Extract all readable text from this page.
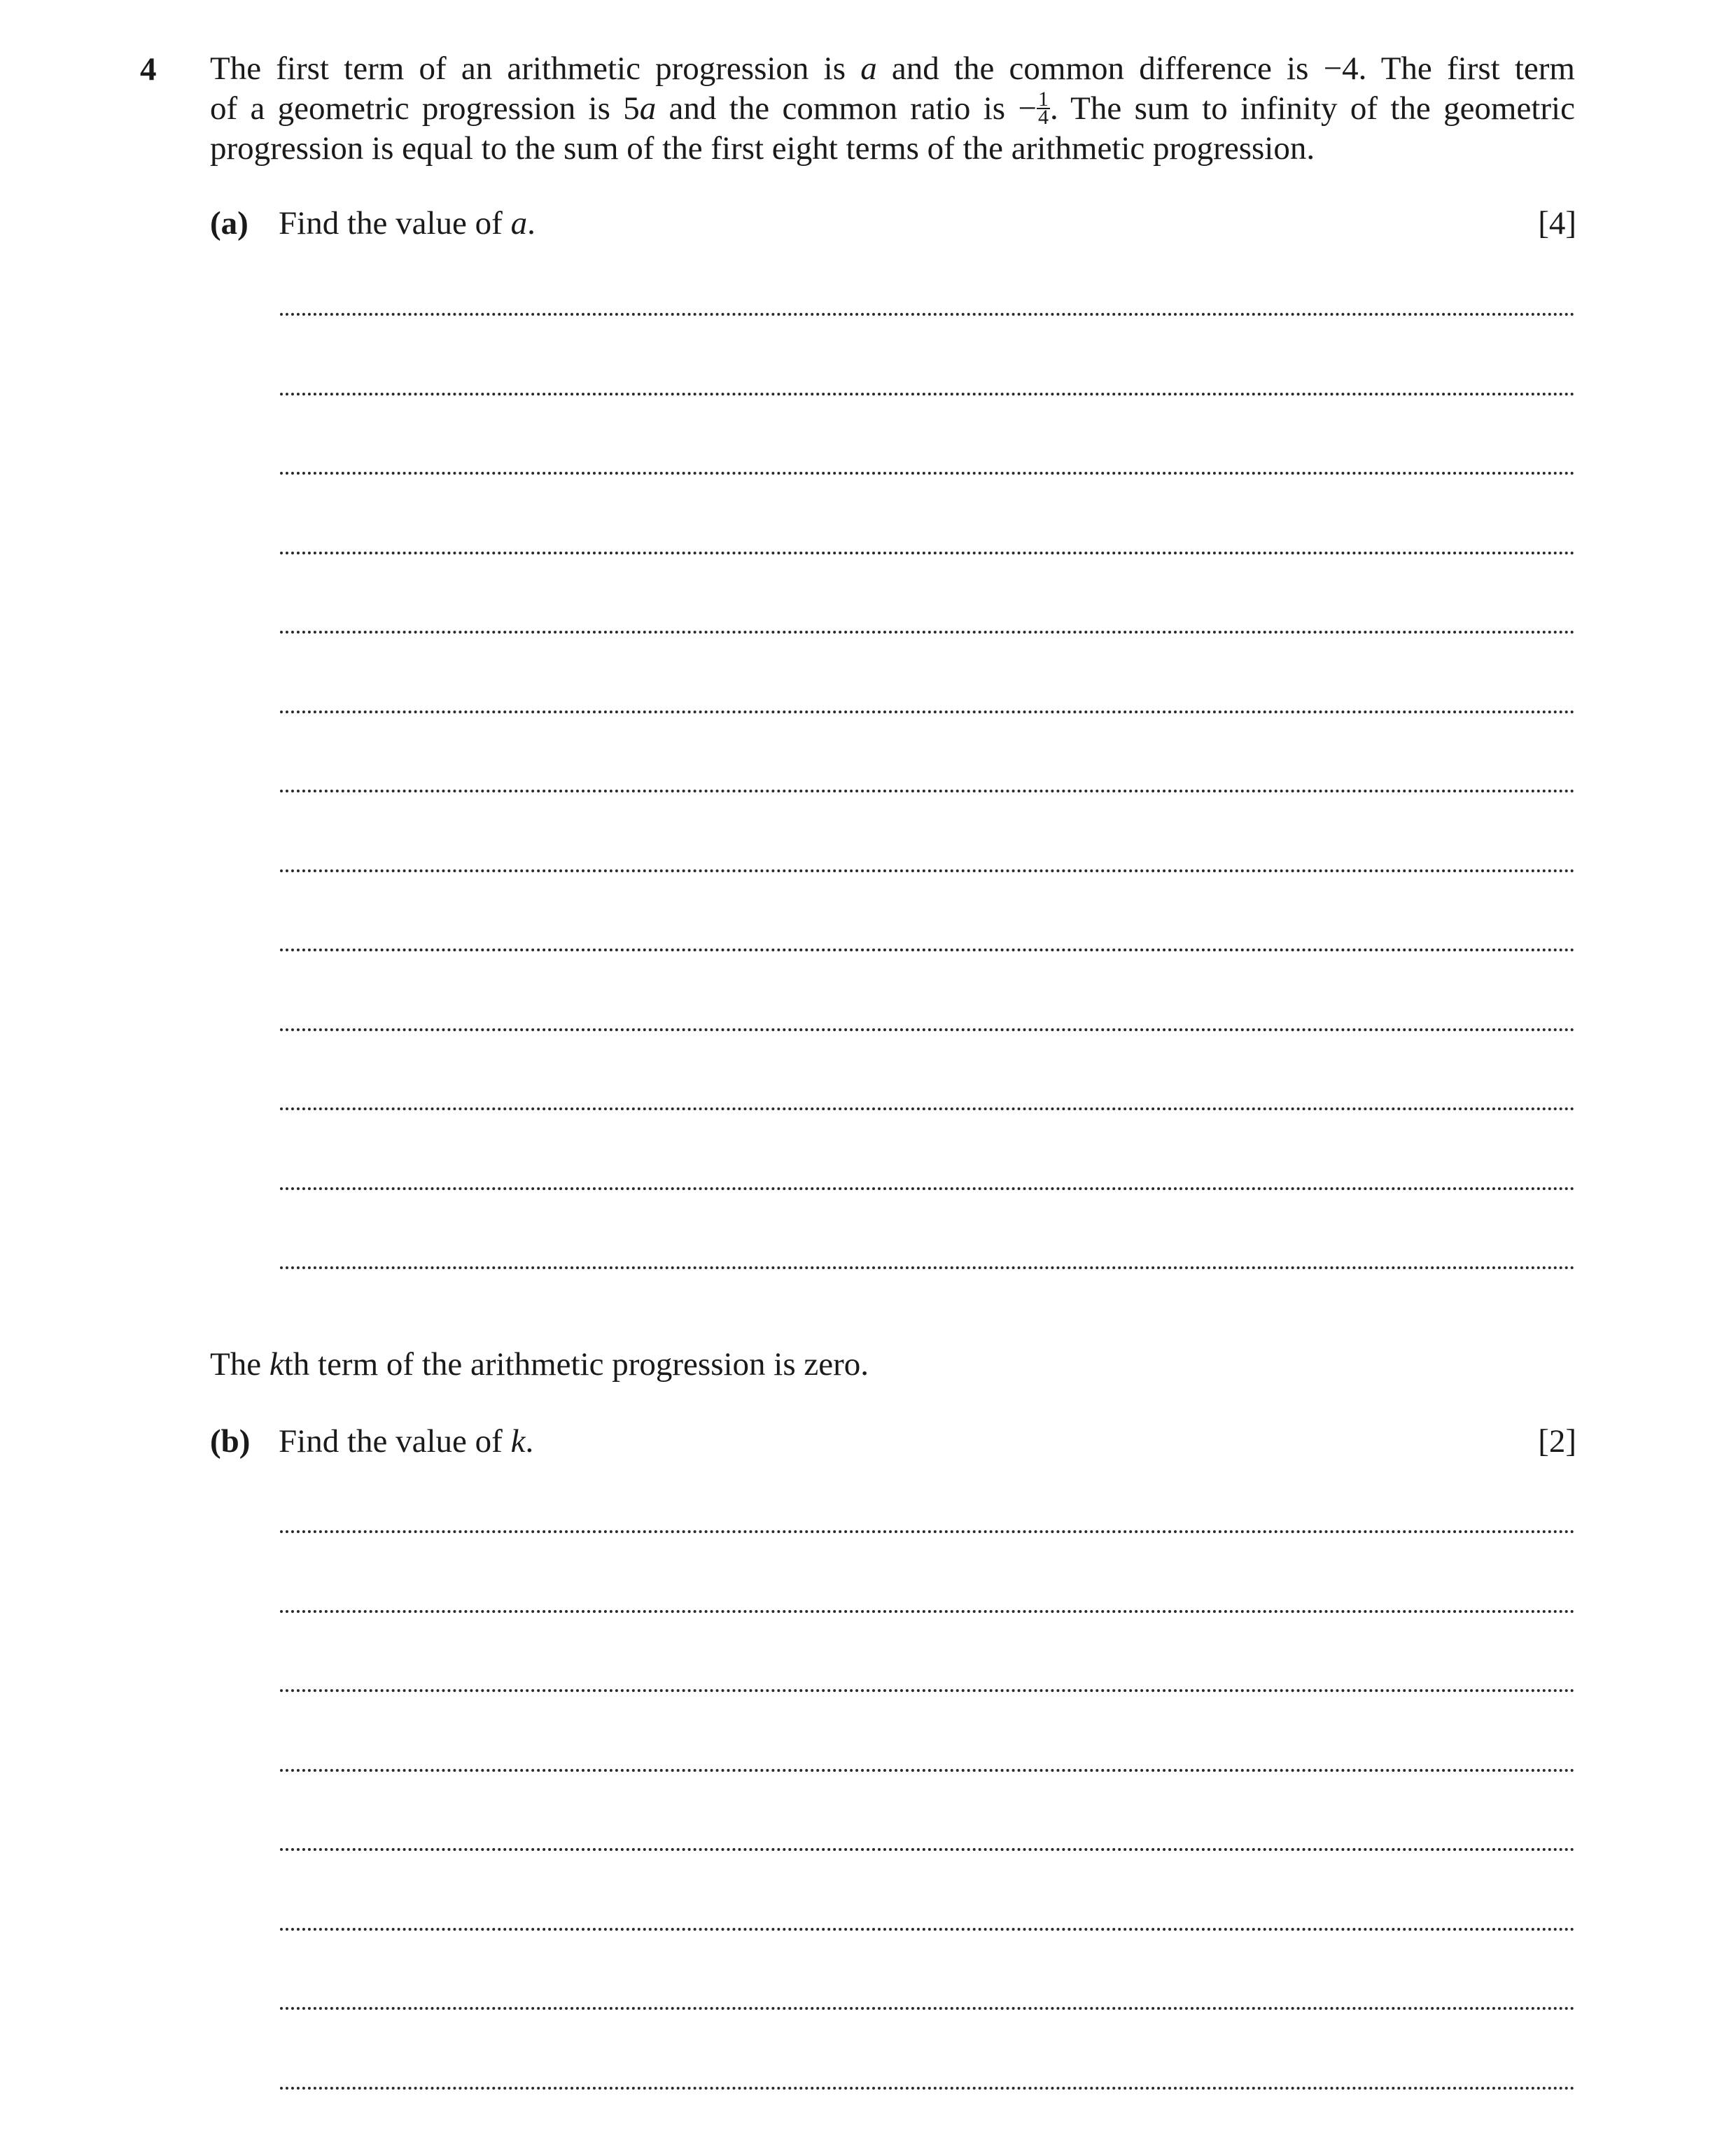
4 The first term of an arithmetic progression is a and the common difference is −4. The first term
of a geometric progression is 5a and the common ratio is − $\frac{1}{4}$ . The sum to infinity of the geometric
progression is equal to the sum of the first eight terms of the arithmetic progression.
(a) Find the value of a.	[4]
The kth term of the arithmetic progression is zero.
(b) Find the value of k.	[2]
